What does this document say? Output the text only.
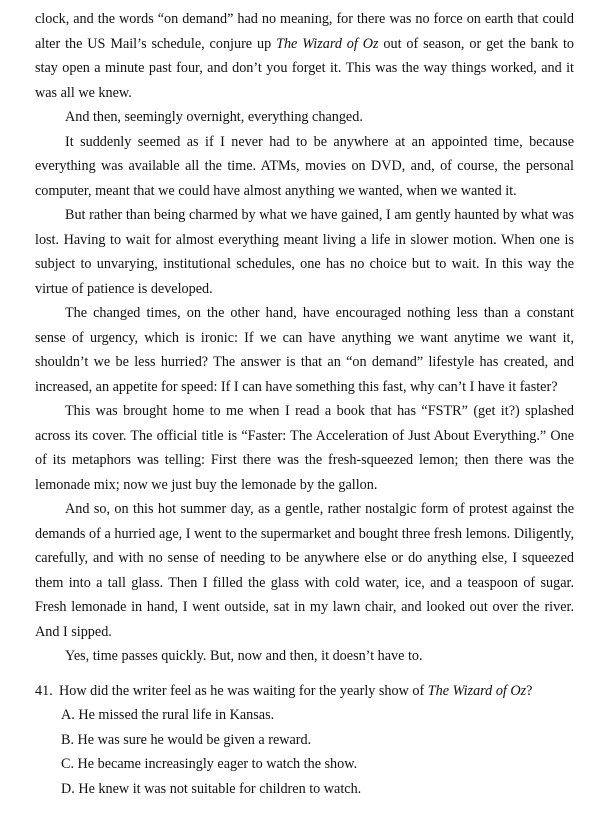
clock, and the words “on demand” had no meaning, for there was no force on earth that could alter the US Mail’s schedule, conjure up The Wizard of Oz out of season, or get the bank to stay open a minute past four, and don’t you forget it. This was the way things worked, and it was all we knew.

And then, seemingly overnight, everything changed.

It suddenly seemed as if I never had to be anywhere at an appointed time, because everything was available all the time. ATMs, movies on DVD, and, of course, the personal computer, meant that we could have almost anything we wanted, when we wanted it.

But rather than being charmed by what we have gained, I am gently haunted by what was lost. Having to wait for almost everything meant living a life in slower motion. When one is subject to unvarying, institutional schedules, one has no choice but to wait. In this way the virtue of patience is developed.

The changed times, on the other hand, have encouraged nothing less than a constant sense of urgency, which is ironic: If we can have anything we want anytime we want it, shouldn’t we be less hurried? The answer is that an “on demand” lifestyle has created, and increased, an appetite for speed: If I can have something this fast, why can’t I have it faster?

This was brought home to me when I read a book that has “FSTR” (get it?) splashed across its cover. The official title is “Faster: The Acceleration of Just About Everything.” One of its metaphors was telling: First there was the fresh-squeezed lemon; then there was the lemonade mix; now we just buy the lemonade by the gallon.

And so, on this hot summer day, as a gentle, rather nostalgic form of protest against the demands of a hurried age, I went to the supermarket and bought three fresh lemons. Diligently, carefully, and with no sense of needing to be anywhere else or do anything else, I squeezed them into a tall glass. Then I filled the glass with cold water, ice, and a teaspoon of sugar. Fresh lemonade in hand, I went outside, sat in my lawn chair, and looked out over the river. And I sipped.

Yes, time passes quickly. But, now and then, it doesn’t have to.

41. How did the writer feel as he was waiting for the yearly show of The Wizard of Oz?

A. He missed the rural life in Kansas.

B. He was sure he would be given a reward.

C. He became increasingly eager to watch the show.

D. He knew it was not suitable for children to watch.
